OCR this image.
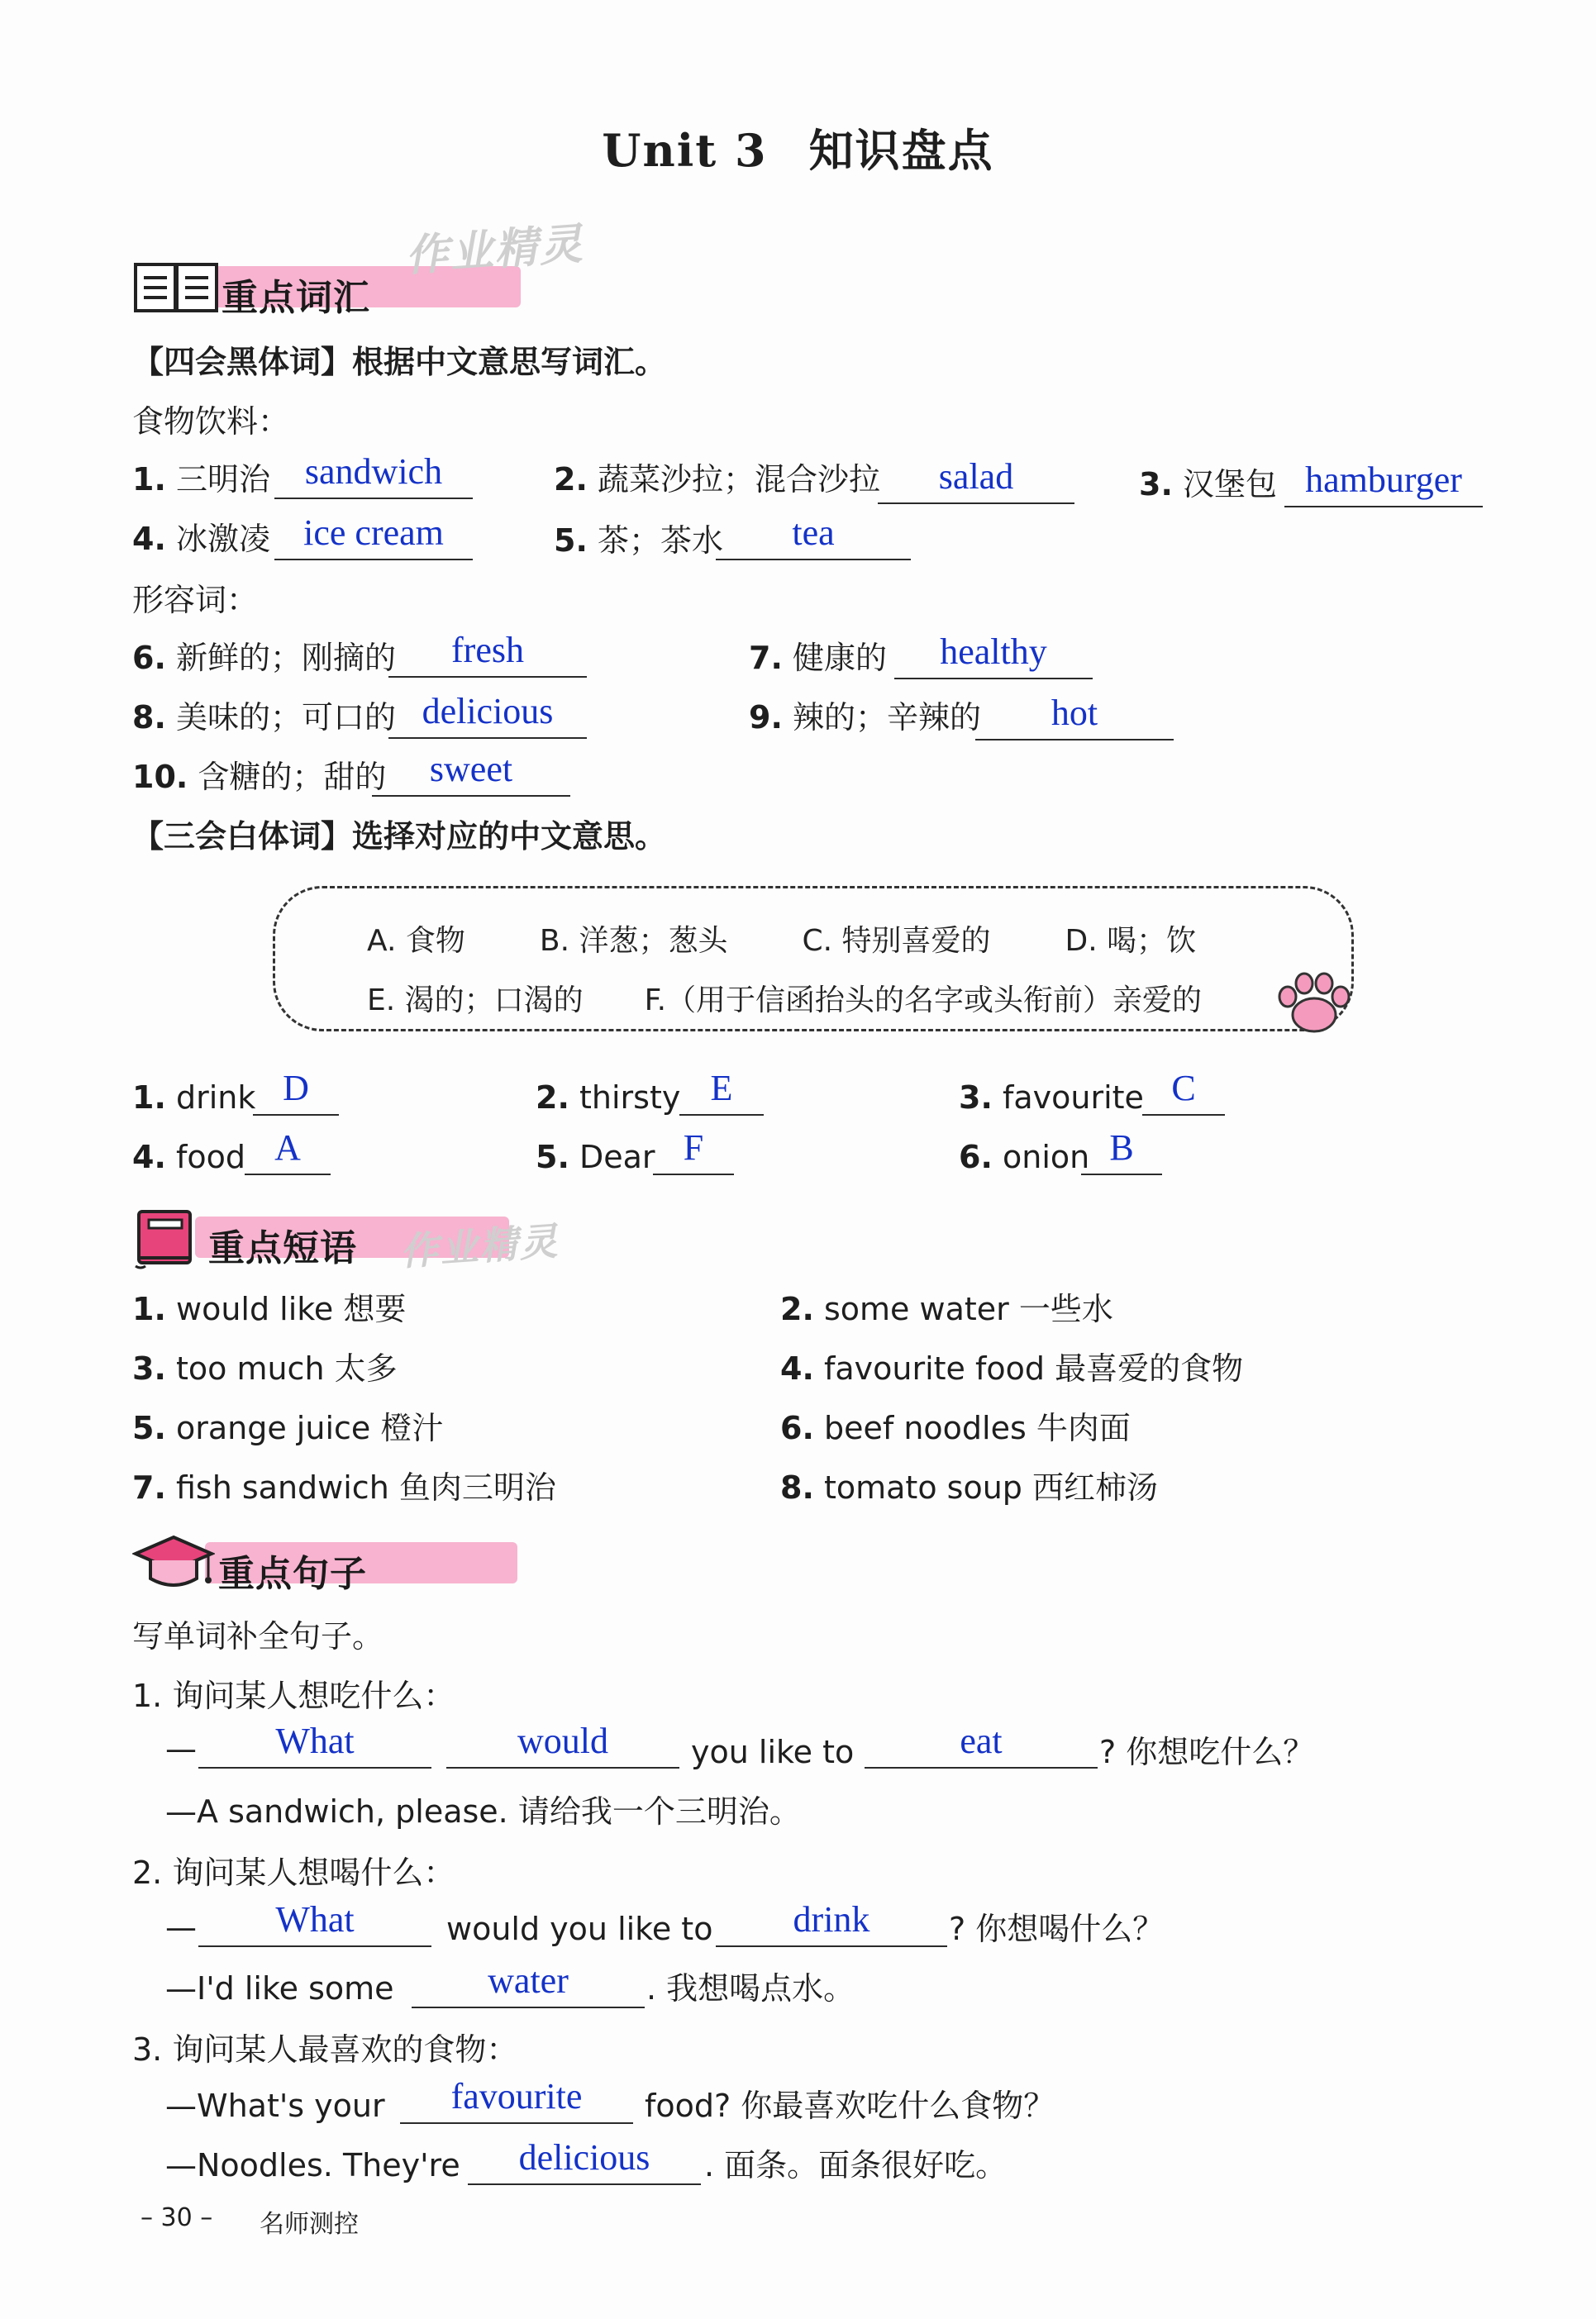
Unit 3 知识盘点
重点词汇
作业精灵
【四会黑体词】根据中文意思写词汇。
食物饮料：
1. 三明治 sandwich	2. 蔬菜沙拉；混合沙拉	salad	3. 汉堡包 hamburger
4. 冰激凌 ice cream	5. 茶；茶水	tea
形容词：
6. 新鲜的；刚摘的	fresh	7. 健康的	healthy
8. 美味的；可口的 delicious	9. 辣的；辛辣的	hot
10. 含糖的；甜的	sweet
【三会白体词】选择对应的中文意思。
A. 食物	B. 洋葱；葱头	C. 特别喜爱的	D. 喝；饮
E. 渴的；口渴的 F.（用于信函抬头的名字或头衔前）亲爱的
1. drink D	2. thirsty E	3. favourite C
4. food A	5. Dear F	6. onion B
重点短语 作业精灵
1. would like 想要	2. some water 一些水
3. too much 太多	4. favourite food 最喜爱的食物
5. orange juice 橙汁	6. beef noodles 牛肉面
7. fish sandwich 鱼肉三明治	8. tomato soup 西红柿汤
重点句子
写单词补全句子。
1. 询问某人想吃什么：
—	What	would	you like to	eat	? 你想吃什么？
—A sandwich, please. 请给我一个三明治。
2. 询问某人想喝什么：
—	What	would you like to	drink	? 你想喝什么？
—I'd like some	water	. 我想喝点水。
3. 询问某人最喜欢的食物：
—What's your	favourite	food? 你最喜欢吃什么食物？
—Noodles. They're	delicious	. 面条。面条很好吃。
– 30 – 名师测控
